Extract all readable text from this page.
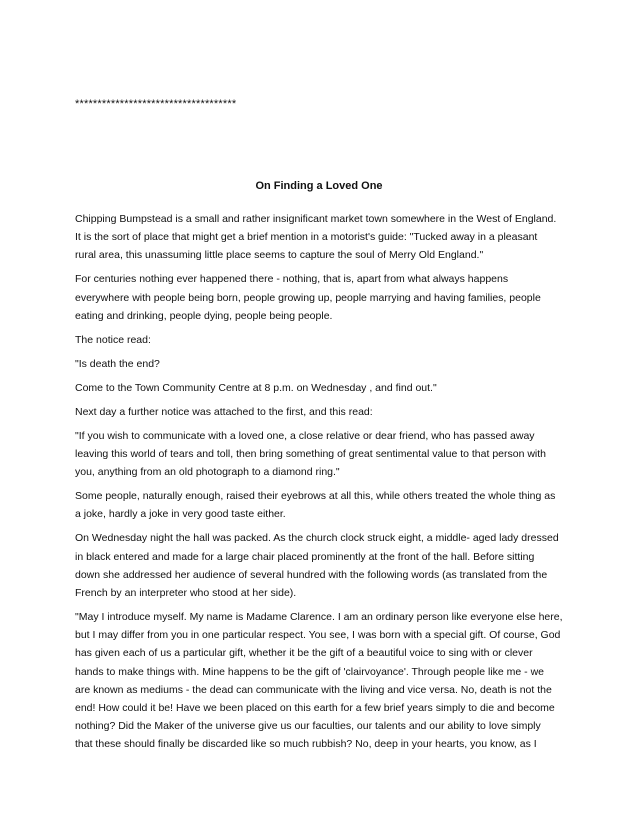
************************************

On Finding a Loved One

Chipping Bumpstead is a small and rather insignificant market town somewhere in the West of England.
It is the sort of place that might get a brief mention in a motorist's guide: "Tucked away in a pleasant
rural area, this unassuming little place seems to capture the soul of Merry Old England."

For centuries nothing ever happened there - nothing, that is, apart from what always happens
everywhere with people being born, people growing up, people marrying and having families, people
eating and drinking, people dying, people being people.

The notice read:

"Is death the end?

Come to the Town Community Centre at 8 p.m. on Wednesday , and find out."

Next day a further notice was attached to the first, and this read:

"If you wish to communicate with a loved one, a close relative or dear friend, who has passed away
leaving this world of tears and toll, then bring something of great sentimental value to that person with
you, anything from an old photograph to a diamond ring."

Some people, naturally enough, raised their eyebrows at all this, while others treated the whole thing as
a joke, hardly a joke in very good taste either.

On Wednesday night the hall was packed. As the church clock struck eight, a middle- aged lady dressed
in black entered and made for a large chair placed prominently at the front of the hall. Before sitting
down she addressed her audience of several hundred with the following words (as translated from the
French by an interpreter who stood at her side).

"May I introduce myself. My name is Madame Clarence. I am an ordinary person like everyone else here,
but I may differ from you in one particular respect. You see, I was born with a special gift. Of course, God
has given each of us a particular gift, whether it be the gift of a beautiful voice to sing with or clever
hands to make things with. Mine happens to be the gift of 'clairvoyance'. Through people like me - we
are known as mediums - the dead can communicate with the living and vice versa. No, death is not the
end! How could it be! Have we been placed on this earth for a few brief years simply to die and become
nothing? Did the Maker of the universe give us our faculties, our talents and our ability to love simply
that these should finally be discarded like so much rubbish? No, deep in your hearts, you know, as I
